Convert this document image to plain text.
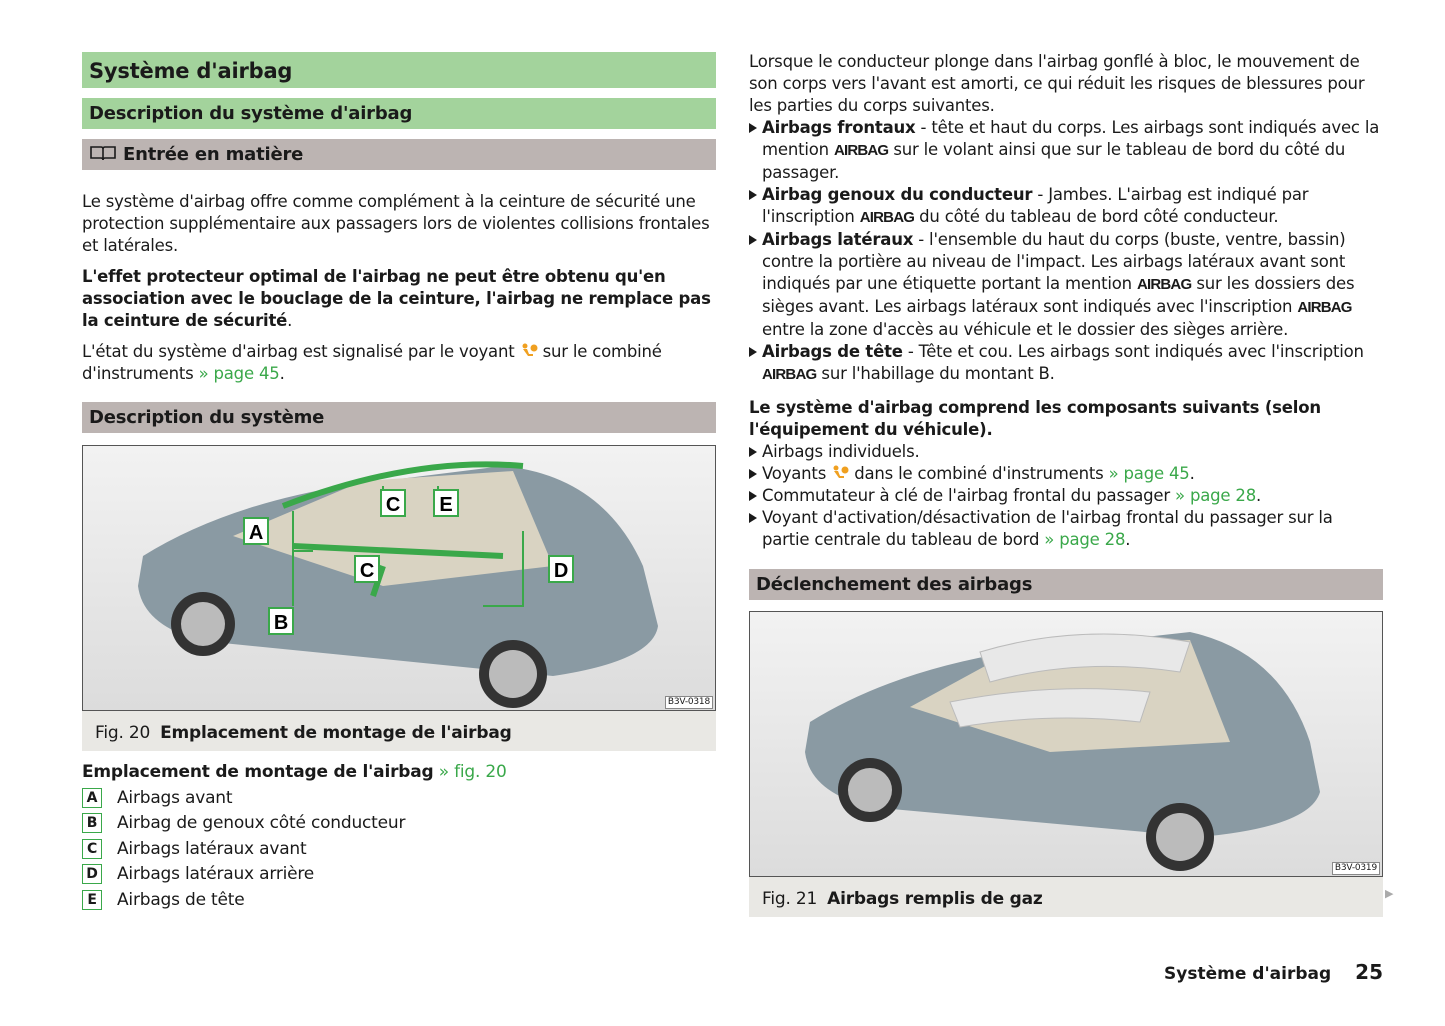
Système d'airbag
Description du système d'airbag
Entrée en matière

Le système d'airbag offre comme complément à la ceinture de sécurité une protection supplémentaire aux passagers lors de violentes collisions frontales et latérales.

L'effet protecteur optimal de l'airbag ne peut être obtenu qu'en association avec le bouclage de la ceinture, l'airbag ne remplace pas la ceinture de sécurité.

L'état du système d'airbag est signalisé par le voyant sur le combiné d'instruments » page 45.

Description du système
A
B
C E
C	D
B3V-0318
Fig. 20 Emplacement de montage de l'airbag
Emplacement de montage de l'airbag » fig. 20
A Airbags avant
B Airbag de genoux côté conducteur
C Airbags latéraux avant
D Airbags latéraux arrière
E	Airbags de tête
Lorsque le conducteur plonge dans l'airbag gonflé à bloc, le mouvement de son corps vers l'avant est amorti, ce qui réduit les risques de blessures pour les parties du corps suivantes.
Airbags frontaux - tête et haut du corps. Les airbags sont indiqués avec la mention AIRBAG sur le volant ainsi que sur le tableau de bord du côté du passager.
Airbag genoux du conducteur - Jambes. L'airbag est indiqué par l'inscription AIRBAG du côté du tableau de bord côté conducteur.
Airbags latéraux - l'ensemble du haut du corps (buste, ventre, bassin) contre la portière au niveau de l'impact. Les airbags latéraux avant sont indiqués par une étiquette portant la mention AIRBAG sur les dossiers des sièges avant. Les airbags latéraux sont indiqués avec l'inscription AIRBAG entre la zone d'accès au véhicule et le dossier des sièges arrière.
Airbags de tête - Tête et cou. Les airbags sont indiqués avec l'inscription AIRBAG sur l'habillage du montant B.
Le système d'airbag comprend les composants suivants (selon l'équipement du véhicule).
Airbags individuels.
Voyants  dans le combiné d'instruments » page 45.
Commutateur à clé de l'airbag frontal du passager » page 28.
Voyant d'activation/désactivation de l'airbag frontal du passager sur la partie centrale du tableau de bord » page 28.
Déclenchement des airbags
B3V-0319
Fig. 21 Airbags remplis de gaz	▶
Système d'airbag 25
